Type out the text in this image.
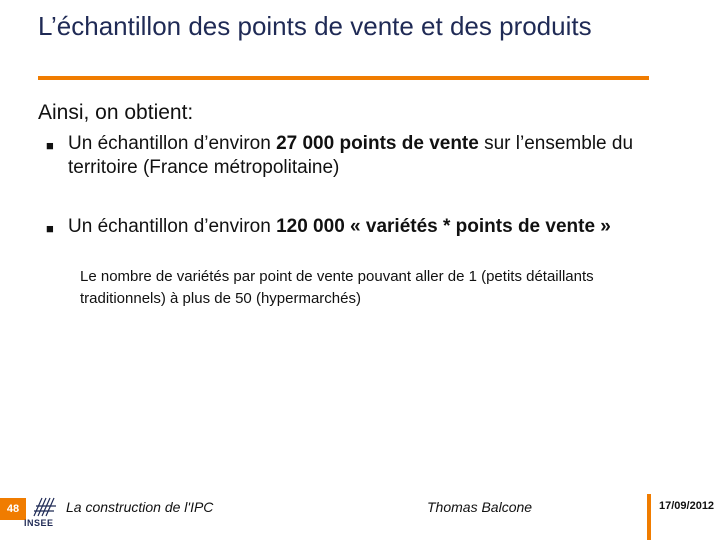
L’échantillon des points de vente et des produits
Ainsi, on obtient:
■ Un échantillon d’environ 27 000 points de vente sur l’ensemble du territoire (France métropolitaine)
■ Un échantillon d’environ 120 000 « variétés * points de vente »
Le nombre de variétés par point de vente pouvant aller de 1 (petits détaillants traditionnels) à plus de 50 (hypermarchés)
48
INSEE
La construction de l'IPC	Thomas Balcone	17/09/2012
